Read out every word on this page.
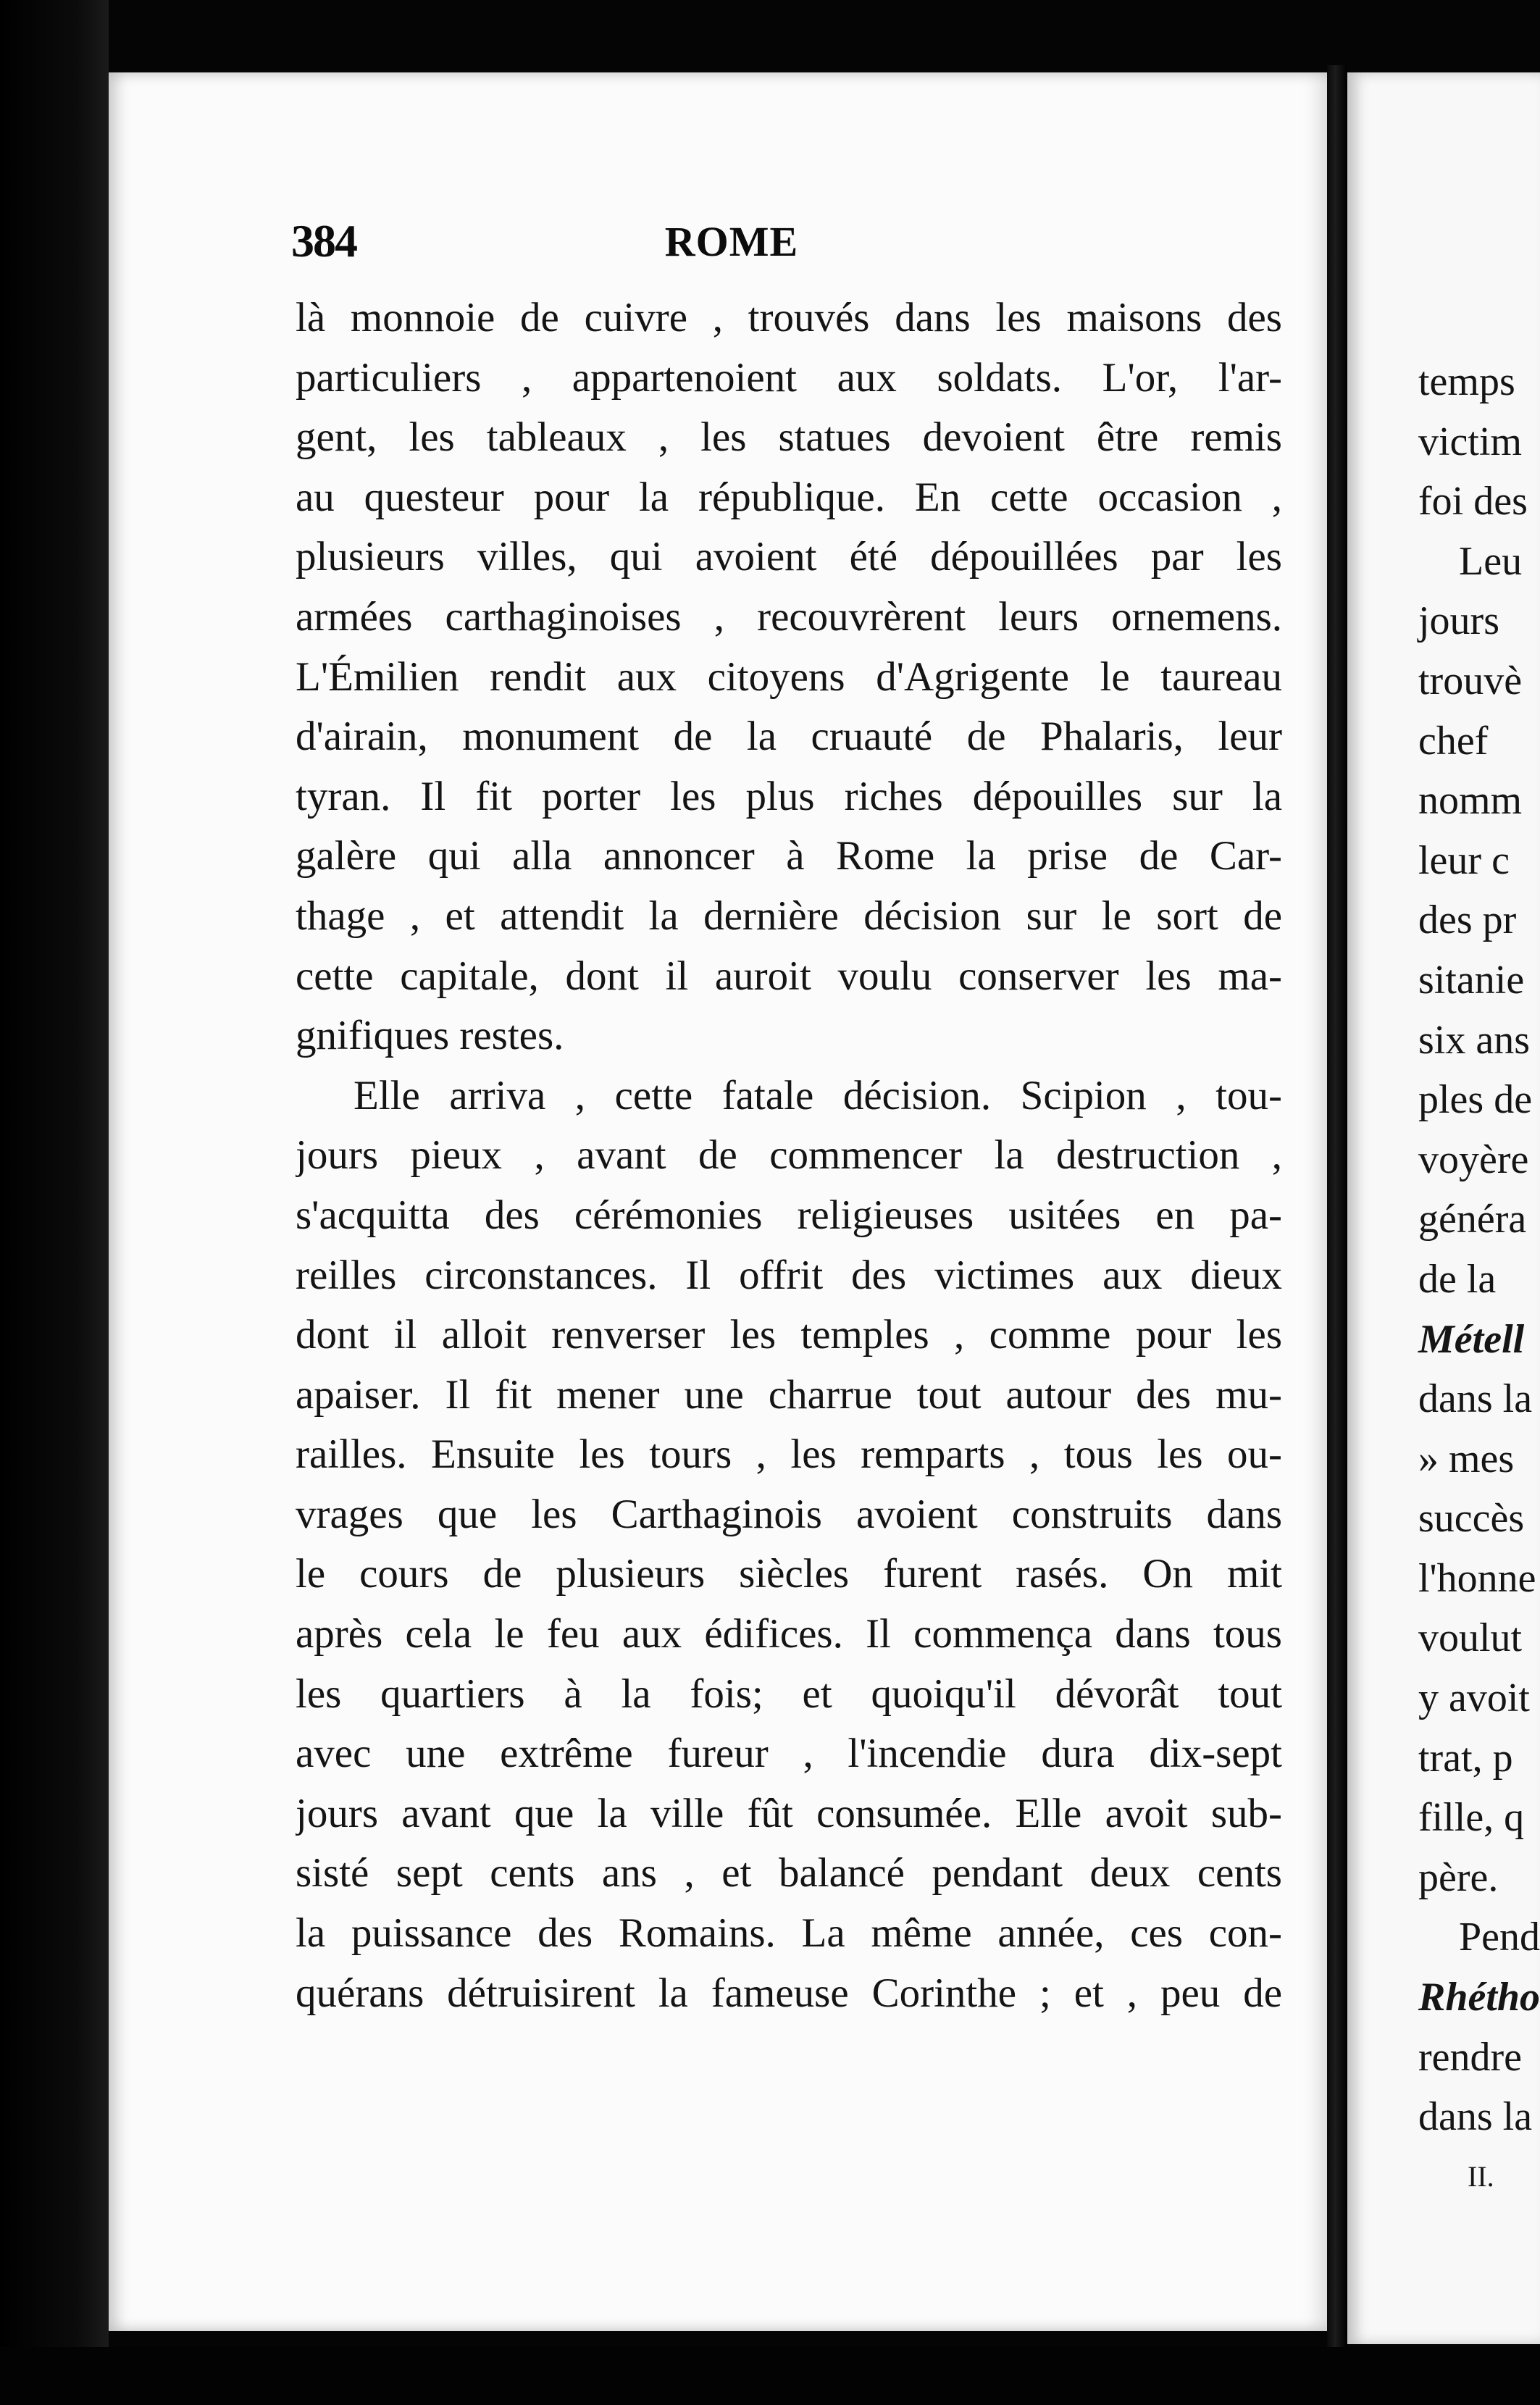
temps
victim
foi des
Leu
jours
trouvè
chef
nomm
leur c
des pr
sitanie
six ans
ples de
voyère
généra
de la
Métell
dans la
» mes
succès
l'honne
voulut
y avoit
trat, p
fille, q
père.
Pend
Rhétho
rendre
dans la
II.
384	ROME
là monnoie de cuivre , trouvés dans les maisons des
particuliers , appartenoient aux soldats. L'or, l'ar-
gent, les tableaux , les statues devoient être remis
au questeur pour la république. En cette occasion ,
plusieurs villes, qui avoient été dépouillées par les
armées carthaginoises , recouvrèrent leurs ornemens.
L'Émilien rendit aux citoyens d'Agrigente le taureau
d'airain, monument de la cruauté de Phalaris, leur
tyran. Il fit porter les plus riches dépouilles sur la
galère qui alla annoncer à Rome la prise de Car-
thage , et attendit la dernière décision sur le sort de
cette capitale, dont il auroit voulu conserver les ma-
gnifiques restes.
Elle arriva , cette fatale décision. Scipion , tou-
jours pieux , avant de commencer la destruction ,
s'acquitta des cérémonies religieuses usitées en pa-
reilles circonstances. Il offrit des victimes aux dieux
dont il alloit renverser les temples , comme pour les
apaiser. Il fit mener une charrue tout autour des mu-
railles. Ensuite les tours , les remparts , tous les ou-
vrages que les Carthaginois avoient construits dans
le cours de plusieurs siècles furent rasés. On mit
après cela le feu aux édifices. Il commença dans tous
les quartiers à la fois; et quoiqu'il dévorât tout
avec une extrême fureur , l'incendie dura dix-sept
jours avant que la ville fût consumée. Elle avoit sub-
sisté sept cents ans , et balancé pendant deux cents
la puissance des Romains. La même année, ces con-
quérans détruisirent la fameuse Corinthe ; et , peu de
